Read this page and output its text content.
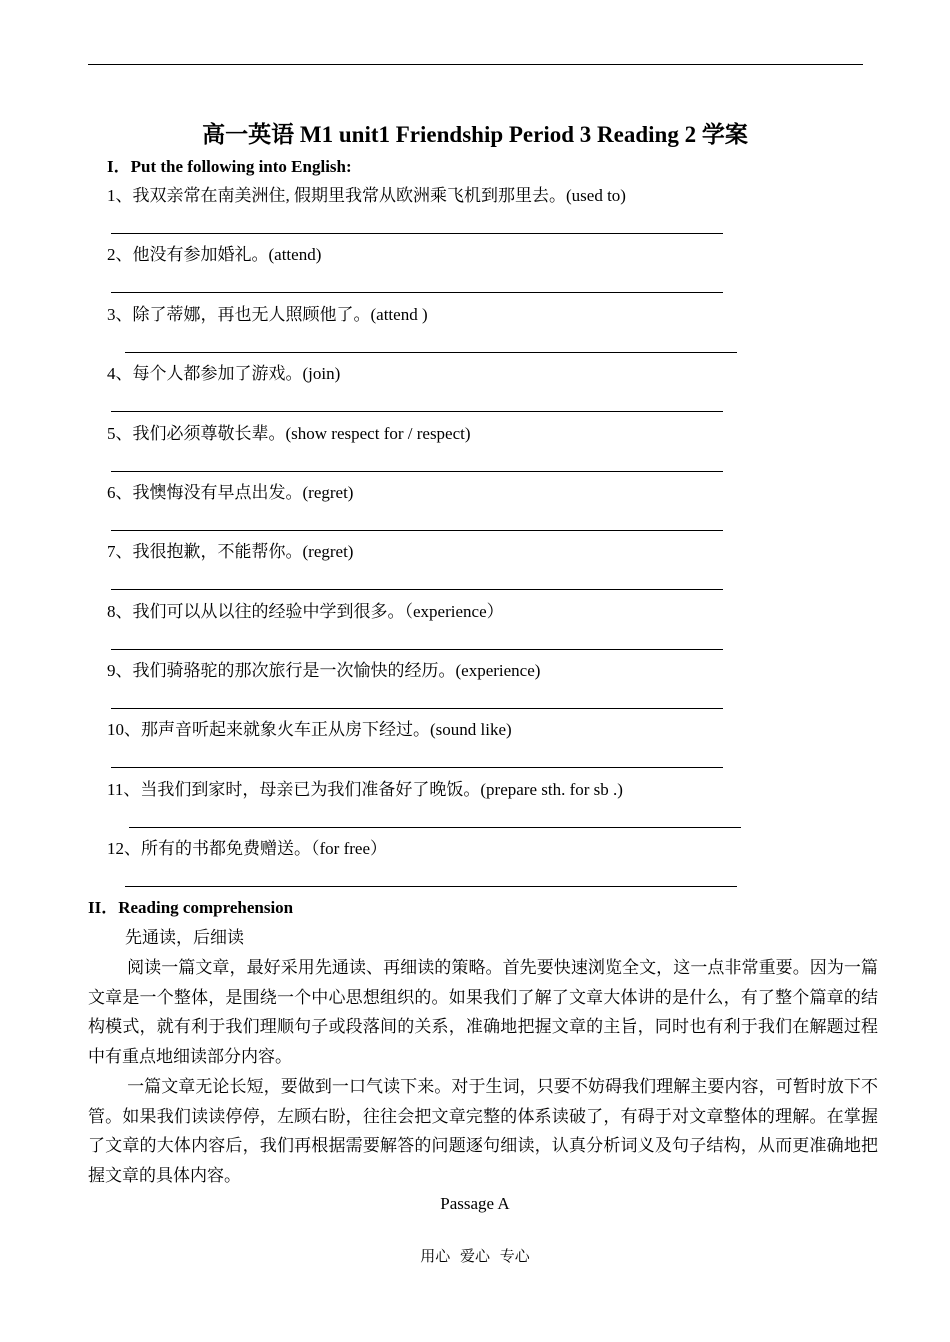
高一英语 M1 unit1 Friendship Period 3 Reading 2 学案
I．Put the following into English:
1、我双亲常在南美洲住, 假期里我常从欧洲乘飞机到那里去。(used to)
2、他没有参加婚礼。(attend)
3、除了蒂娜，再也无人照顾他了。(attend )
4、每个人都参加了游戏。(join)
5、我们必须尊敬长辈。(show respect for / respect)
6、我懊悔没有早点出发。(regret)
7、我很抱歉，不能帮你。(regret)
8、我们可以从以往的经验中学到很多。（experience）
9、我们骑骆驼的那次旅行是一次愉快的经历。(experience)
10、那声音听起来就象火车正从房下经过。(sound like)
11、当我们到家时，母亲已为我们准备好了晚饭。(prepare sth. for sb .)
12、所有的书都免费赠送。（for free）
II．Reading comprehension
先通读，后细读

阅读一篇文章，最好采用先通读、再细读的策略。首先要快速浏览全文，这一点非常重要。因为一篇文章是一个整体，是围绕一个中心思想组织的。如果我们了解了文章大体讲的是什么，有了整个篇章的结构模式，就有利于我们理顺句子或段落间的关系，准确地把握文章的主旨，同时也有利于我们在解题过程中有重点地细读部分内容。

一篇文章无论长短，要做到一口气读下来。对于生词，只要不妨碍我们理解主要内容，可暂时放下不管。如果我们读读停停，左顾右盼，往往会把文章完整的体系读破了，有碍于对文章整体的理解。在掌握了文章的大体内容后，我们再根据需要解答的问题逐句细读，认真分析词义及句子结构，从而更准确地把握文章的具体内容。

Passage A
用心 爱心 专心
